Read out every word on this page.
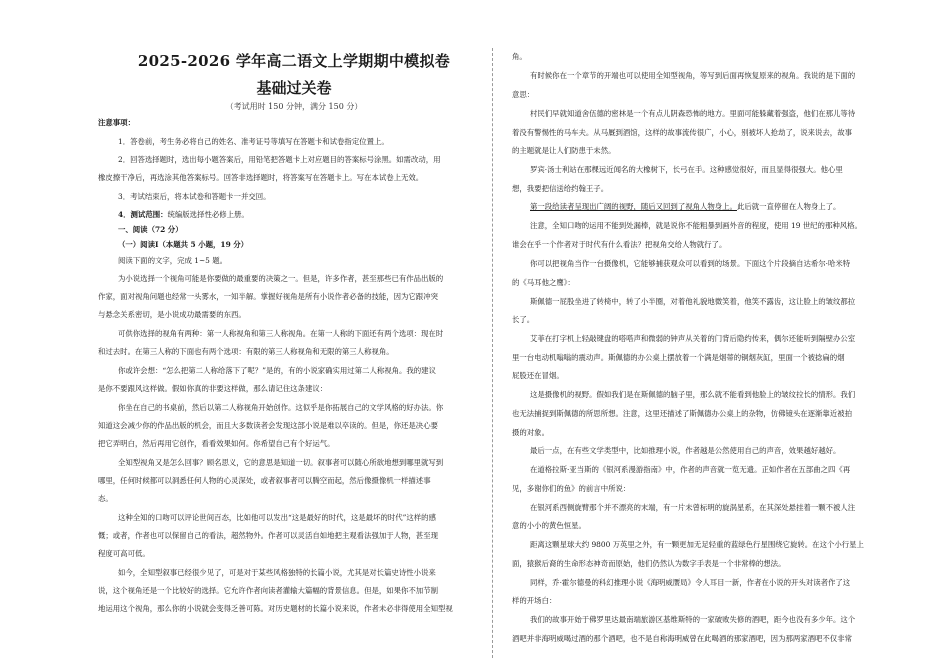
2025-2026 学年高二语文上学期期中模拟卷
基础过关卷
（考试用时 150 分钟，满分 150 分）
注意事项：
1．答卷前，考生务必将自己的姓名、准考证号等填写在答题卡和试卷指定位置上。
2．回答选择题时，选出每小题答案后，用铅笔把答题卡上对应题目的答案标号涂黑。如需改动，用
橡皮擦干净后，再选涂其他答案标号。回答非选择题时，将答案写在答题卡上。写在本试卷上无效。
3．考试结束后，将本试卷和答题卡一并交回。
4．测试范围：统编版选择性必修上册。
一、阅读（72 分）
（一）阅读Ⅰ（本题共 5 小题，19 分）
阅读下面的文字，完成 1~5 题。
为小说选择一个视角可能是你要做的最重要的决策之一。但是，许多作者，甚至那些已有作品出版的
作家，面对视角问题也经常一头雾水，一知半解。掌握好视角是所有小说作者必备的技能，因为它跟冲突
与悬念关系密切，是小说成功最需要的东西。
可供你选择的视角有两种：第一人称视角和第三人称视角。在第一人称的下面还有两个选项：现在时
和过去时。在第三人称的下面也有两个选项：有限的第三人称视角和无限的第三人称视角。
你或许会想：“怎么把第二人称给落下了呢？”是的，有的小说家确实用过第二人称视角。我的建议
是你不要跟风这样做。假如你真的非要这样做，那么请记住这条建议：
你坐在自己的书桌前，然后以第二人称视角开始创作。这似乎是你拓展自己的文学风格的好办法。你
知道这会减少你的作品出版的机会，而且大多数读者会发现这部小说是难以卒读的。但是，你还是决心要
把它弄明白，然后再用它创作，看看效果如何。你希望自己有个好运气。
全知型视角又是怎么回事？顾名思义，它的意思是知道一切。叙事者可以随心所欲地想到哪里就写到
哪里，任何时候都可以洞悉任何人物的心灵深处，或者叙事者可以腾空而起，然后像摄像机一样描述事
态。
这种全知的口吻可以评论世间百态，比如他可以发出“这是最好的时代，这是最坏的时代”这样的感
慨；或者，作者也可以保留自己的看法，超然物外。作者可以灵活自如地把主观看法强加于人物，甚至现
程度可高可低。
如今，全知型叙事已经很少见了，可是对于某些风格独特的长篇小说，尤其是对长篇史诗性小说来
说，这个视角还是一个比较好的选择。它允许作者向读者灌输大篇幅的背景信息。但是，如果你不加节制
地运用这个视角，那么你的小说就会变得乏善可陈。对历史题材的长篇小说来说，作者未必非得使用全知型视
角。
有时候你在一个章节的开端也可以使用全知型视角，等写到后面再恢复原来的视角。我说的是下面的
意思：
村民们早就知道舍伍德的密林是一个有点儿阴森恐怖的地方。里面可能躲藏着强盗，他们在那儿等待
着没有警惕性的马车夫。从马厩到酒馆，这样的故事流传很广，小心，别被坏人抢劫了，说来说去，故事
的主题就是让人们防患于未然。
罗宾·汤士利站在那棵远近闻名的大橡树下，长弓在手。这种感觉很好，而且显得很强大。他心里
想，我要把信送给约翰王子。
第一段给读者呈现出广阔的视野，随后又回到了视角人物身上。此后就一直停留在人物身上了。
注意，全知口吻的运用不能到处漏棒，就是说你不能粗暴到画外音的程度，使用 19 世纪的那种风格。
谁会在乎一个作者对于时代有什么看法？把视角交给人物就行了。
你可以把视角当作一台摄像机，它能够捕获观众可以看到的场景。下面这个片段摘自达希尔·哈米特
的《马耳他之鹰》：
斯佩德一屁股坐进了转椅中，转了小半圈，对着他礼貌地微笑着，他笑不露齿，这让脸上的皱纹都拉
长了。
艾菲在打字机上轻敲键盘的嗒嗒声和微弱的钟声从关着的门背后隐约传来，偶尔还能听到隔壁办公室
里一台电动机嗡嗡的震动声。斯佩德的办公桌上摆放着一个满是烟蒂的铜烟灰缸，里面一个被捻扁的烟
屁股还在冒烟。
这是摄像机的视野。假如我们是在斯佩德的脑子里，那么就不能看到他脸上的皱纹拉长的情形。我们
也无法捕捉到斯佩德的所思所想。注意，这里还描述了斯佩德办公桌上的杂物，仿佛镜头在逐渐靠近被拍
摄的对象。
最后一点，在有些文学类型中，比如推理小说，作者越是公然使用自己的声音，效果越好越好。
在道格拉斯·亚当斯的《银河系漫游指南》中，作者的声音就一览无遗。正如作者在五部曲之四《再
见，多谢你们的鱼》的前言中所说：
在银河系西侧旋臂那个并不漂亮的末端，有一片未曾标明的旋涡星系，在其深处悬挂着一颗不被人注
意的小小的黄色恒星。
距离这颗星球大约 9800 万英里之外，有一颗更加无足轻重的蓝绿色行星围绕它旋转。在这个小行星上
面，猿猴后裔的生命形态神奇而原始，他们仍然认为数字手表是一个非常棒的想法。
同样，乔·霍尔德曼的科幻推理小说《海明威赝局》令人耳目一新，作者在小说的开头对读者作了这
样的开场白：
我们的故事开始于佛罗里达最南端旅游区基维斯特的一家破败失修的酒吧，距今也没有多少年。这个
酒吧并非海明威喝过酒的那个酒吧，也不是自称海明威曾在此喝酒的那家酒吧，因为那两家酒吧不仅非常
